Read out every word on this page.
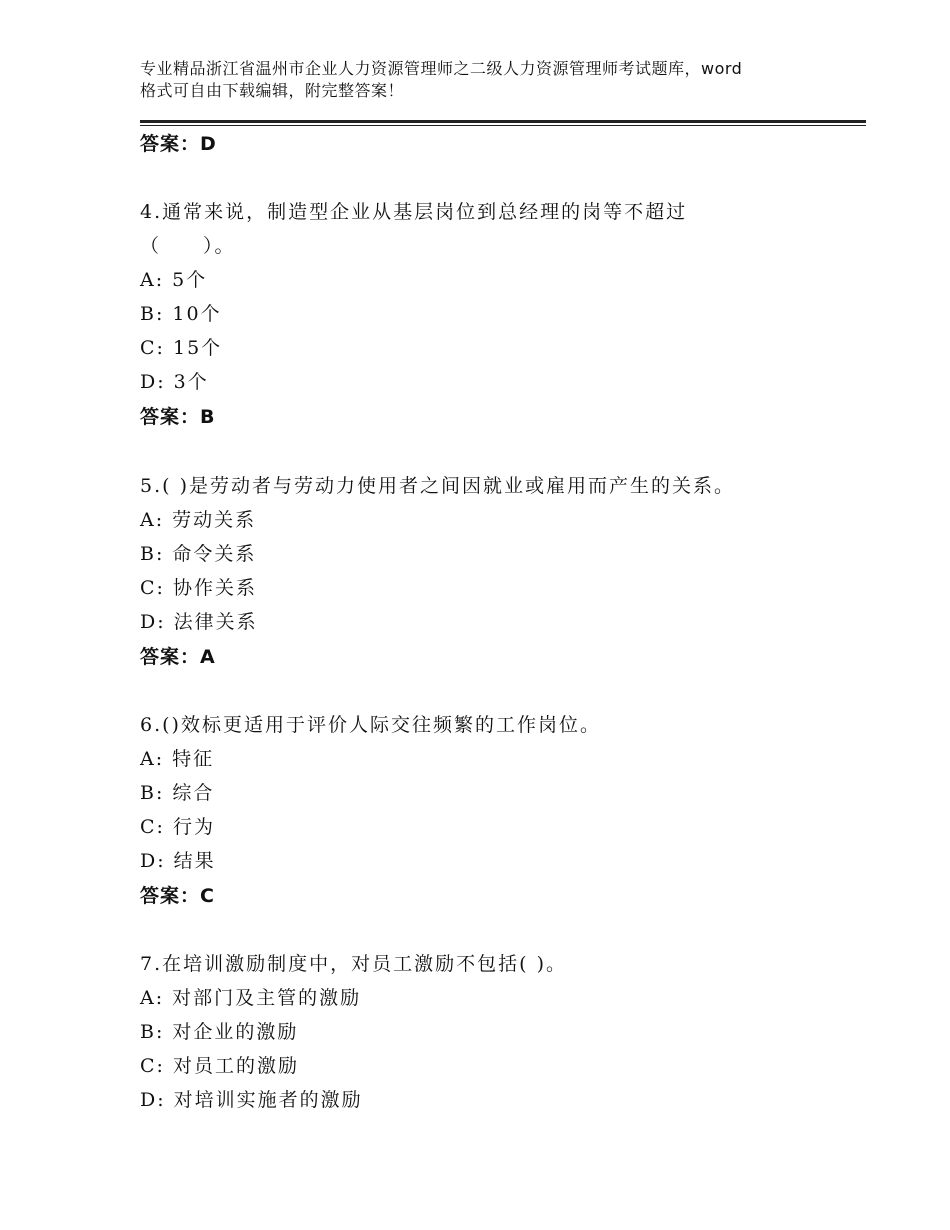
专业精品浙江省温州市企业人力资源管理师之二级人力资源管理师考试题库，word
格式可自由下载编辑，附完整答案！
答案：D
4.通常来说，制造型企业从基层岗位到总经理的岗等不超过
（　　）。
A: 5个
B: 10个
C: 15个
D: 3个
答案：B
5.( )是劳动者与劳动力使用者之间因就业或雇用而产生的关系。
A: 劳动关系
B: 命令关系
C: 协作关系
D: 法律关系
答案：A
6.()效标更适用于评价人际交往频繁的工作岗位。
A: 特征
B: 综合
C: 行为
D: 结果
答案：C
7.在培训激励制度中，对员工激励不包括( )。
A: 对部门及主管的激励
B: 对企业的激励
C: 对员工的激励
D: 对培训实施者的激励
